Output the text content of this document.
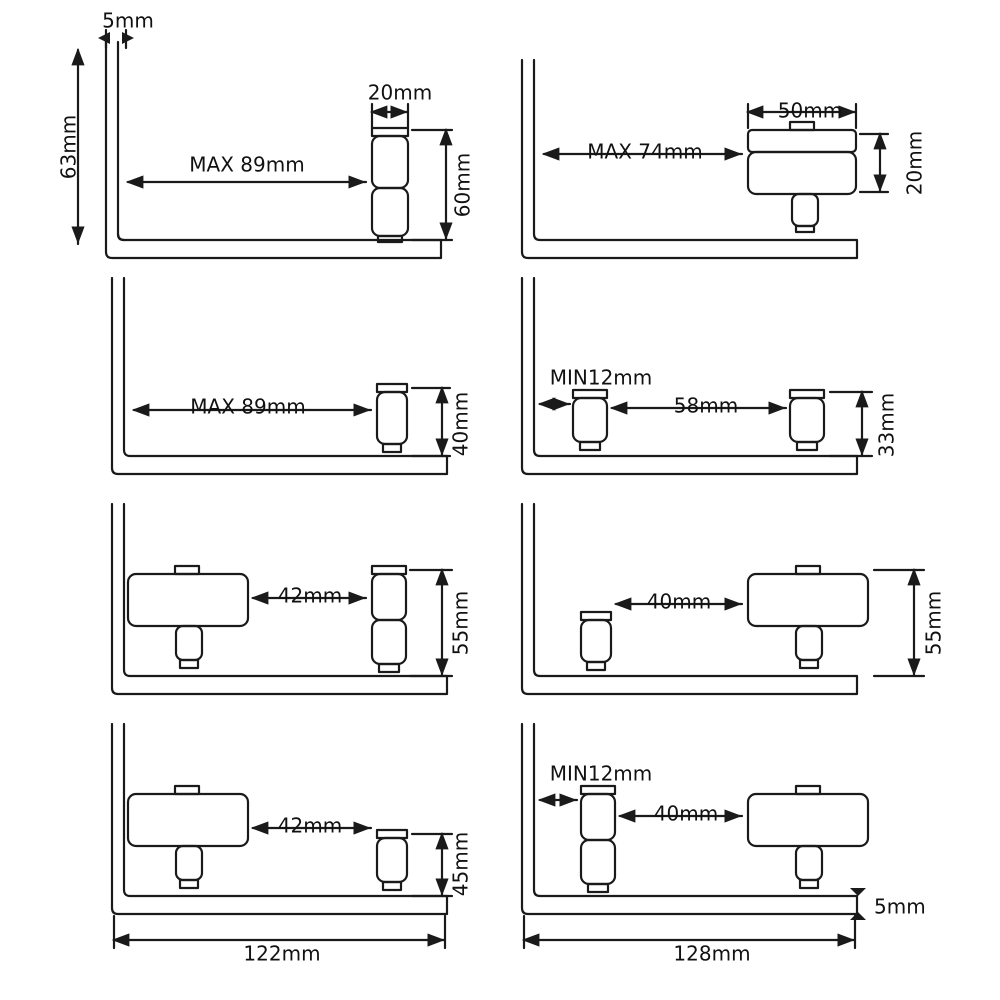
5mm
63mm	MAX 89mm
20mm
60mm
MAX 74mm
50mm
20mm
MAX 89mm	40mm
MIN12mm
58mm	33mm
42mm	55mm	40mm	55mm
42mm
45mm
122mm
MIN12mm
40mm
5mm
128mm
